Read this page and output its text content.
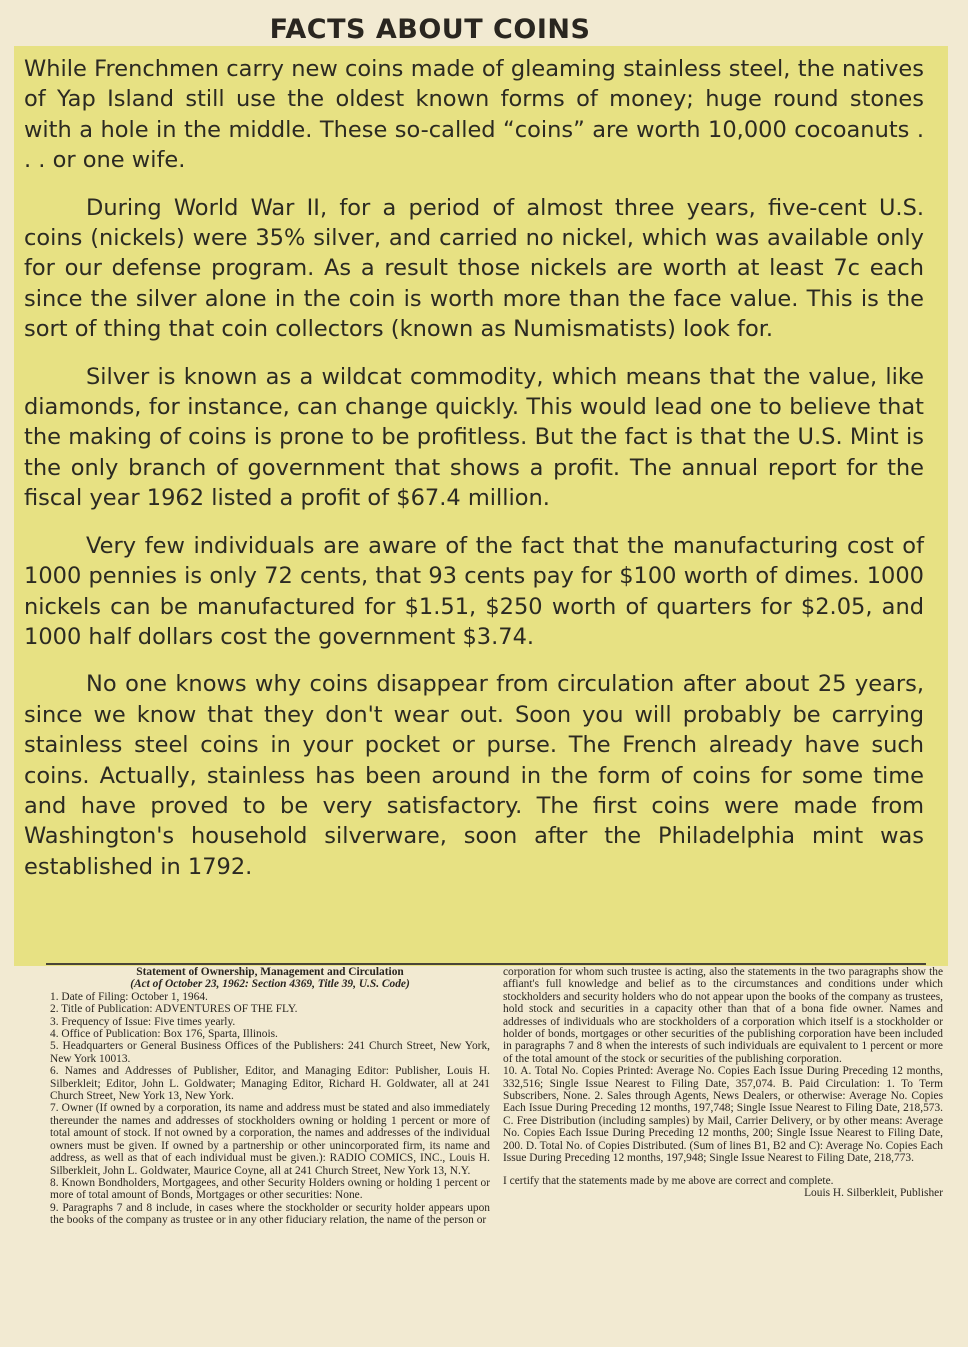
FACTS ABOUT COINS

While Frenchmen carry new coins made of gleaming stainless steel, the natives of Yap Island still use the oldest known forms of money; huge round stones with a hole in the middle. These so-called “coins” are worth 10,000 cocoanuts . . . or one wife.

During World War II, for a period of almost three years, five-cent U.S. coins (nickels) were 35% silver, and carried no nickel, which was available only for our defense program. As a result those nickels are worth at least 7c each since the silver alone in the coin is worth more than the face value. This is the sort of thing that coin collectors (known as Numismatists) look for.

Silver is known as a wildcat commodity, which means that the value, like diamonds, for instance, can change quickly. This would lead one to believe that the making of coins is prone to be profitless. But the fact is that the U.S. Mint is the only branch of government that shows a profit. The annual report for the fiscal year 1962 listed a profit of $67.4 million.

Very few individuals are aware of the fact that the manufacturing cost of 1000 pennies is only 72 cents, that 93 cents pay for $100 worth of dimes. 1000 nickels can be manufactured for $1.51, $250 worth of quarters for $2.05, and 1000 half dollars cost the government $3.74.

No one knows why coins disappear from circulation after about 25 years, since we know that they don't wear out. Soon you will probably be carrying stainless steel coins in your pocket or purse. The French already have such coins. Actually, stainless has been around in the form of coins for some time and have proved to be very satisfactory. The first coins were made from Washington's household silverware, soon after the Philadelphia mint was established in 1792.

Statement of Ownership, Management and Circulation
(Act of October 23, 1962: Section 4369, Title 39, U.S. Code)
1. Date of Filing: October 1, 1964.
2. Title of Publication: ADVENTURES OF THE FLY.
3. Frequency of Issue: Five times yearly.
4. Office of Publication: Box 176, Sparta, Illinois.
5. Headquarters or General Business Offices of the Publishers: 241 Church Street, New York, New York 10013.
6. Names and Addresses of Publisher, Editor, and Managing Editor: Publisher, Louis H. Silberkleit; Editor, John L. Goldwater; Managing Editor, Richard H. Goldwater, all at 241 Church Street, New York 13, New York.
7. Owner (If owned by a corporation, its name and address must be stated and also immediately thereunder the names and addresses of stockholders owning or holding 1 percent or more of total amount of stock. If not owned by a corporation, the names and addresses of the individual owners must be given. If owned by a partnership or other unincorporated firm, its name and address, as well as that of each individual must be given.): RADIO COMICS, INC., Louis H. Silberkleit, John L. Goldwater, Maurice Coyne, all at 241 Church Street, New York 13, N.Y.
8. Known Bondholders, Mortgagees, and other Security Holders owning or holding 1 percent or more of total amount of Bonds, Mortgages or other securities: None.
9. Paragraphs 7 and 8 include, in cases where the stockholder or security holder appears upon the books of the company as trustee or in any other fiduciary relation, the name of the person or
corporation for whom such trustee is acting, also the statements in the two paragraphs show the affiant's full knowledge and belief as to the circumstances and conditions under which stockholders and security holders who do not appear upon the books of the company as trustees, hold stock and securities in a capacity other than that of a bona fide owner. Names and addresses of individuals who are stockholders of a corporation which itself is a stockholder or holder of bonds, mortgages or other securities of the publishing corporation have been included in paragraphs 7 and 8 when the interests of such individuals are equivalent to 1 percent or more of the total amount of the stock or securities of the publishing corporation.
10. A. Total No. Copies Printed: Average No. Copies Each Issue During Preceding 12 months, 332,516; Single Issue Nearest to Filing Date, 357,074. B. Paid Circulation: 1. To Term Subscribers, None. 2. Sales through Agents, News Dealers, or otherwise: Average No. Copies Each Issue During Preceding 12 months, 197,748; Single Issue Nearest to Filing Date, 218,573. C. Free Distribution (including samples) by Mail, Carrier Delivery, or by other means: Average No. Copies Each Issue During Preceding 12 months, 200; Single Issue Nearest to Filing Date, 200. D. Total No. of Copies Distributed. (Sum of lines B1, B2 and C): Average No. Copies Each Issue During Preceding 12 months, 197,948; Single Issue Nearest to Filing Date, 218,773.
I certify that the statements made by me above are correct and complete.
Louis H. Silberkleit, Publisher
